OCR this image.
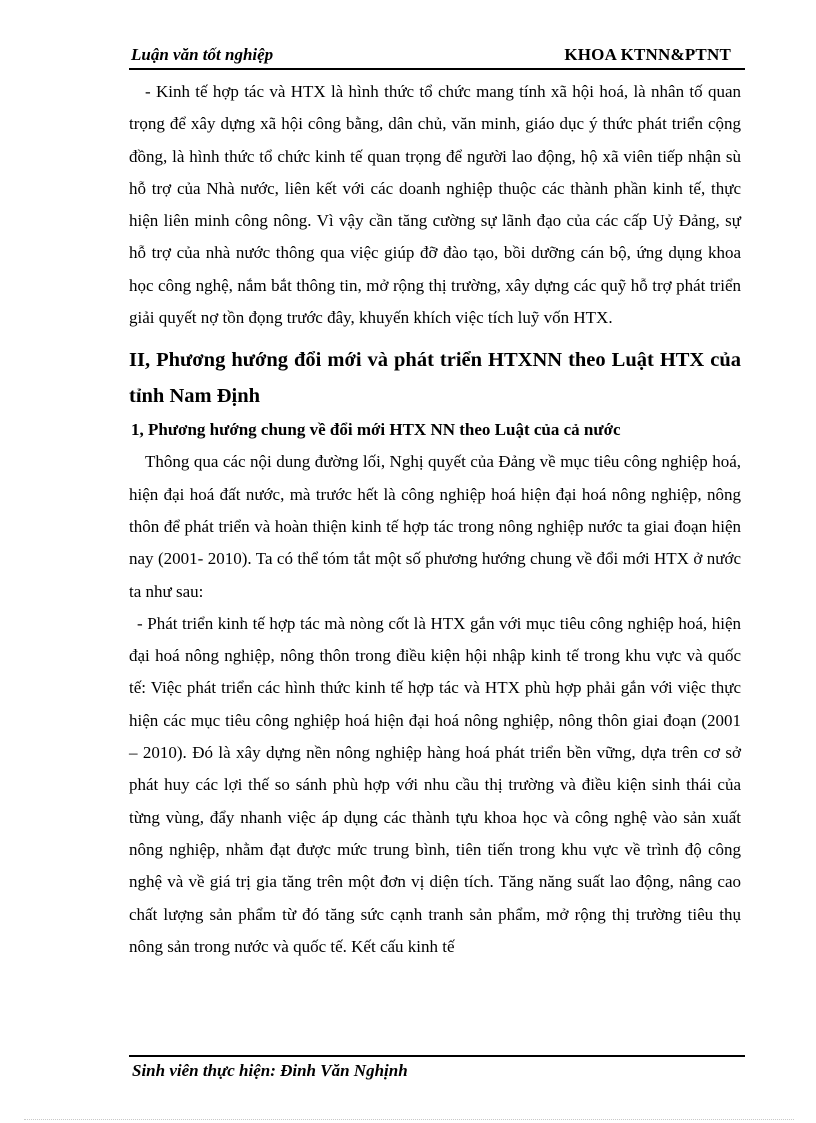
Luận văn tốt nghiệp	KHOA KTNN&PTNT

- Kinh tế hợp tác và HTX là hình thức tổ chức mang tính xã hội hoá, là nhân tố quan trọng để xây dựng xã hội công bằng, dân chủ, văn minh, giáo dục ý thức phát triển cộng đồng, là hình thức tổ chức kinh tế quan trọng để người lao động, hộ xã viên tiếp nhận sù hỗ trợ của Nhà nước, liên kết với các doanh nghiệp thuộc các thành phần kinh tế, thực hiện liên minh công nông. Vì vậy cần tăng cường sự lãnh đạo của các cấp Uỷ Đảng, sự hỗ trợ của nhà nước thông qua việc giúp đỡ đào tạo, bồi dưỡng cán bộ, ứng dụng khoa học công nghệ, nắm bắt thông tin, mở rộng thị trường, xây dựng các quỹ hỗ trợ phát triển giải quyết nợ tồn đọng trước đây, khuyến khích việc tích luỹ vốn HTX.

II, Phương hướng đổi mới và phát triển HTXNN theo Luật HTX của tỉnh Nam Định
1, Phương hướng chung về đổi mới HTX NN theo Luật của cả nước

Thông qua các nội dung đường lối, Nghị quyết của Đảng về mục tiêu công nghiệp hoá, hiện đại hoá đất nước, mà trước hết là công nghiệp hoá hiện đại hoá nông nghiệp, nông thôn để phát triển và hoàn thiện kinh tế hợp tác trong nông nghiệp nước ta giai đoạn hiện nay (2001- 2010). Ta có thể tóm tắt một số phương hướng chung về đổi mới HTX ở nước ta như sau:

- Phát triển kinh tế hợp tác mà nòng cốt là HTX gắn với mục tiêu công nghiệp hoá, hiện đại hoá nông nghiệp, nông thôn trong điều kiện hội nhập kinh tế trong khu vực và quốc tế: Việc phát triển các hình thức kinh tế hợp tác và HTX phù hợp phải gắn với việc thực hiện các mục tiêu công nghiệp hoá hiện đại hoá nông nghiệp, nông thôn giai đoạn (2001 – 2010). Đó là xây dựng nền nông nghiệp hàng hoá phát triển bền vững, dựa trên cơ sở phát huy các lợi thế so sánh phù hợp với nhu cầu thị trường và điều kiện sinh thái của từng vùng, đẩy nhanh việc áp dụng các thành tựu khoa học và công nghệ vào sản xuất nông nghiệp, nhằm đạt được mức trung bình, tiên tiến trong khu vực về trình độ công nghệ và về giá trị gia tăng trên một đơn vị diện tích. Tăng năng suất lao động, nâng cao chất lượng sản phẩm từ đó tăng sức cạnh tranh sản phẩm, mở rộng thị trường tiêu thụ nông sản trong nước và quốc tế. Kết cấu kinh tế

Sinh viên thực hiện: Đinh Văn Nghịnh
